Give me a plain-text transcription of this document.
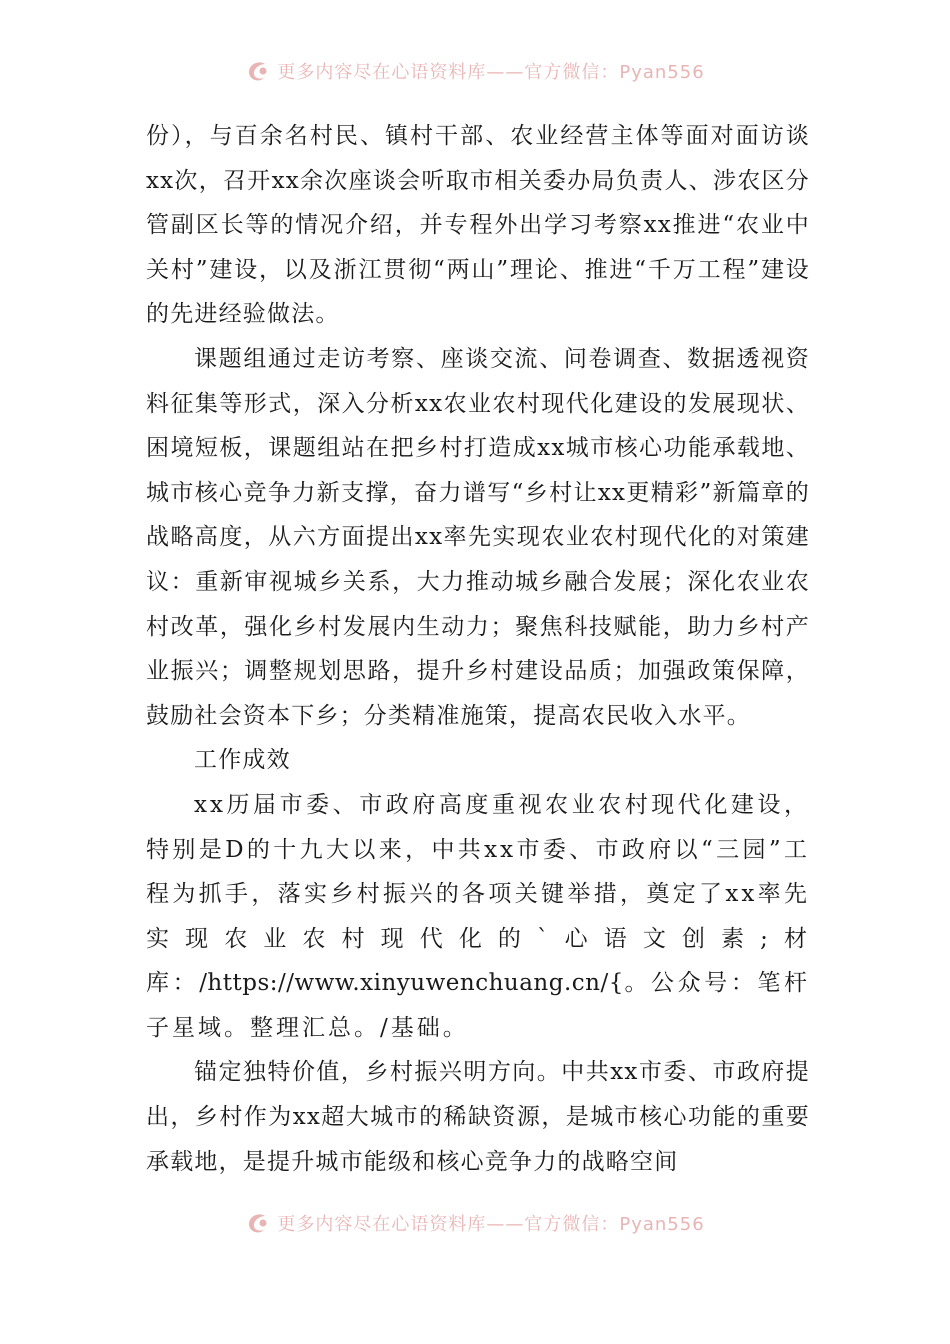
更多内容尽在心语资料库——官方微信：Pyan556

份），与百余名村民、镇村干部、农业经营主体等面对面访谈xx次，召开xx余次座谈会听取市相关委办局负责人、涉农区分管副区长等的情况介绍，并专程外出学习考察xx推进“农业中关村”建设，以及浙江贯彻“两山”理论、推进“千万工程”建设的先进经验做法。

课题组通过走访考察、座谈交流、问卷调查、数据透视资料征集等形式，深入分析xx农业农村现代化建设的发展现状、困境短板，课题组站在把乡村打造成xx城市核心功能承载地、城市核心竞争力新支撑，奋力谱写“乡村让xx更精彩”新篇章的战略高度，从六方面提出xx率先实现农业农村现代化的对策建议：重新审视城乡关系，大力推动城乡融合发展；深化农业农村改革，强化乡村发展内生动力；聚焦科技赋能，助力乡村产业振兴；调整规划思路，提升乡村建设品质；加强政策保障，鼓励社会资本下乡；分类精准施策，提高农民收入水平。

工作成效

xx历届市委、市政府高度重视农业农村现代化建设，特别是D的十九大以来，中共xx市委、市政府以“三园”工程为抓手，落实乡村振兴的各项关键举措，奠定了xx率先实现农业农村现代化的`心语文创素;材库：/https://www.xinyuwenchuang.cn/{。公众号：笔杆子星域。整理汇总。/基础。

锚定独特价值，乡村振兴明方向。中共xx市委、市政府提出，乡村作为xx超大城市的稀缺资源，是城市核心功能的重要承载地，是提升城市能级和核心竞争力的战略空间

更多内容尽在心语资料库——官方微信：Pyan556
